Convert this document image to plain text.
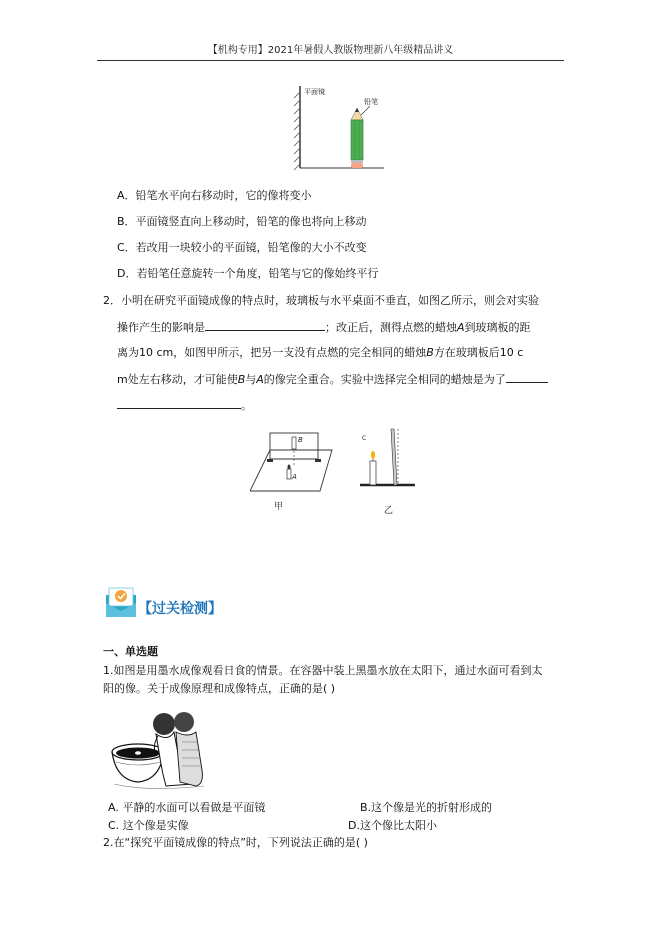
【机构专用】2021年暑假人教版物理新八年级精品讲义
平面镜
铅笔
A．铅笔水平向右移动时，它的像将变小
B．平面镜竖直向上移动时，铅笔的像也将向上移动
C．若改用一块较小的平面镜，铅笔像的大小不改变
D．若铅笔任意旋转一个角度，铅笔与它的像始终平行
2．小明在研究平面镜成像的特点时，玻璃板与水平桌面不垂直，如图乙所示，则会对实验
操作产生的影响是	；改正后，测得点燃的蜡烛A到玻璃板的距
离为10 cm，如图甲所示，把另一支没有点燃的完全相同的蜡烛B方在玻璃板后10 c
m处左右移动，才可能使B与A的像完全重合。实验中选择完全相同的蜡烛是为了
。
B
A
甲
C
乙
【过关检测】
一、单选题
1.如图是用墨水成像观看日食的情景。在容器中装上黑墨水放在太阳下，通过水面可看到太
阳的像。关于成像原理和成像特点，正确的是( )
A. 平静的水面可以看做是平面镜	B.这个像是光的折射形成的
C. 这个像是实像	D.这个像比太阳小
2.在“探究平面镜成像的特点”时，下列说法正确的是( )
